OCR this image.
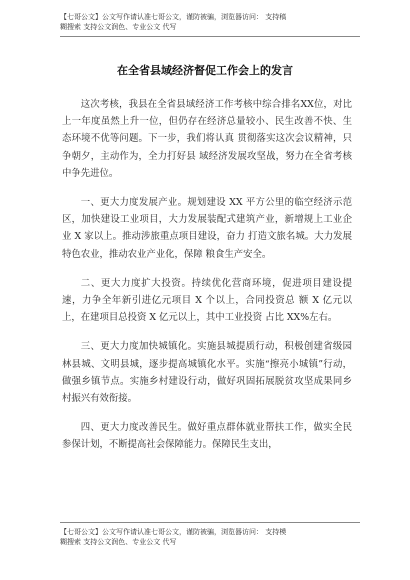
【七哥公文】公文写作请认准七哥公文，谨防被骗，浏览器访问： 支持稿
糊搜索 支持公文润色、专业公文 代写
在全省县域经济督促工作会上的发言

这次考核，我县在全省县域经济工作考核中综合排名XX位，对比上一年度虽然上升一位，但仍存在经济总量较小、民生改善不快、生态环境不优等问题。下一步，我们将认真 贯彻落实这次会议精神，只争朝夕，主动作为，全力打好县 域经济发展攻坚战，努力在全省考核中争先进位。

一、更大力度发展产业。规划建设 XX 平方公里的临空经济示范区，加快建设工业项目，大力发展装配式建筑产业，新增规上工业企业 X 家以上。推动涉旅重点项目建设，奋力 打造文旅名城。大力发展特色农业，推动农业产业化，保障 粮食生产安全。

二、更大力度扩大投资。持续优化营商环境，促进项目建设提速，力争全年新引进亿元项目 X 个以上，合同投资总 额 X 亿元以上，在建项目总投资 X 亿元以上，其中工业投资 占比 XX%左右。

三、更大力度加快城镇化。实施县城提质行动，积极创建省级园林县城、文明县城，逐步提高城镇化水平。实施“擦亮小城镇”行动，做强乡镇节点。实施乡村建设行动，做好巩固拓展脱贫攻坚成果同乡村振兴有效衔接。

四、更大力度改善民生。做好重点群体就业帮扶工作，做实全民参保计划，不断提高社会保障能力。保障民生支出，

【七哥公文】公文写作请认准七哥公文，谨防被骗，浏览器访问： 支持模
糊搜索 支持公文润色、专业公文 代写
